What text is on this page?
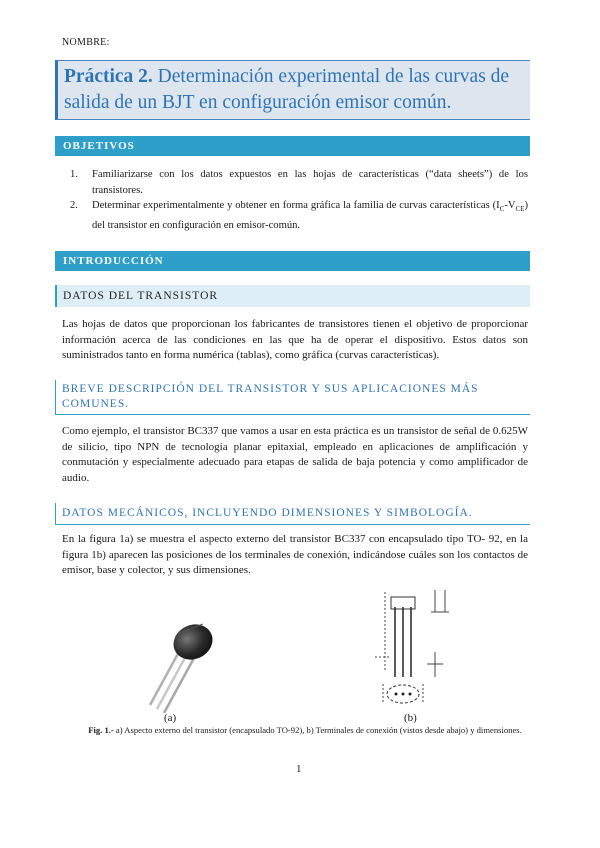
NOMBRE:
Práctica 2. Determinación experimental de las curvas de salida de un BJT en configuración emisor común.
OBJETIVOS
1. Familiarizarse con los datos expuestos en las hojas de características (“data sheets”) de los transistores.
2. Determinar experimentalmente y obtener en forma gráfica la familia de curvas características $(I_C-V_{CE})$ del transistor en configuración en emisor-común.
INTRODUCCIÓN
DATOS DEL TRANSISTOR
Las hojas de datos que proporcionan los fabricantes de transistores tienen el objetivo de proporcionar información acerca de las condiciones en las que ha de operar el dispositivo. Estos datos son suministrados tanto en forma numérica (tablas), como gráfica (curvas características).
BREVE DESCRIPCIÓN DEL TRANSISTOR Y SUS APLICACIONES MÁS COMUNES.
Como ejemplo, el transistor BC337 que vamos a usar en esta práctica es un transistor de señal de 0.625W de silicio, tipo NPN de tecnología planar epitaxial, empleado en aplicaciones de amplificación y conmutación y especialmente adecuado para etapas de salida de baja potencia y como amplificador de audio.
DATOS MECÁNICOS, INCLUYENDO DIMENSIONES Y SIMBOLOGÍA.
En la figura 1a) se muestra el aspecto externo del transistor BC337 con encapsulado tipo TO- 92, en la figura 1b) aparecen las posiciones de los terminales de conexión, indicándose cuáles son los contactos de emisor, base y colector, y sus dimensiones.
(a)	(b)
Fig. 1.- a) Aspecto externo del transistor (encapsulado TO-92), b) Terminales de conexión (vistos desde abajo) y dimensiones.
1
